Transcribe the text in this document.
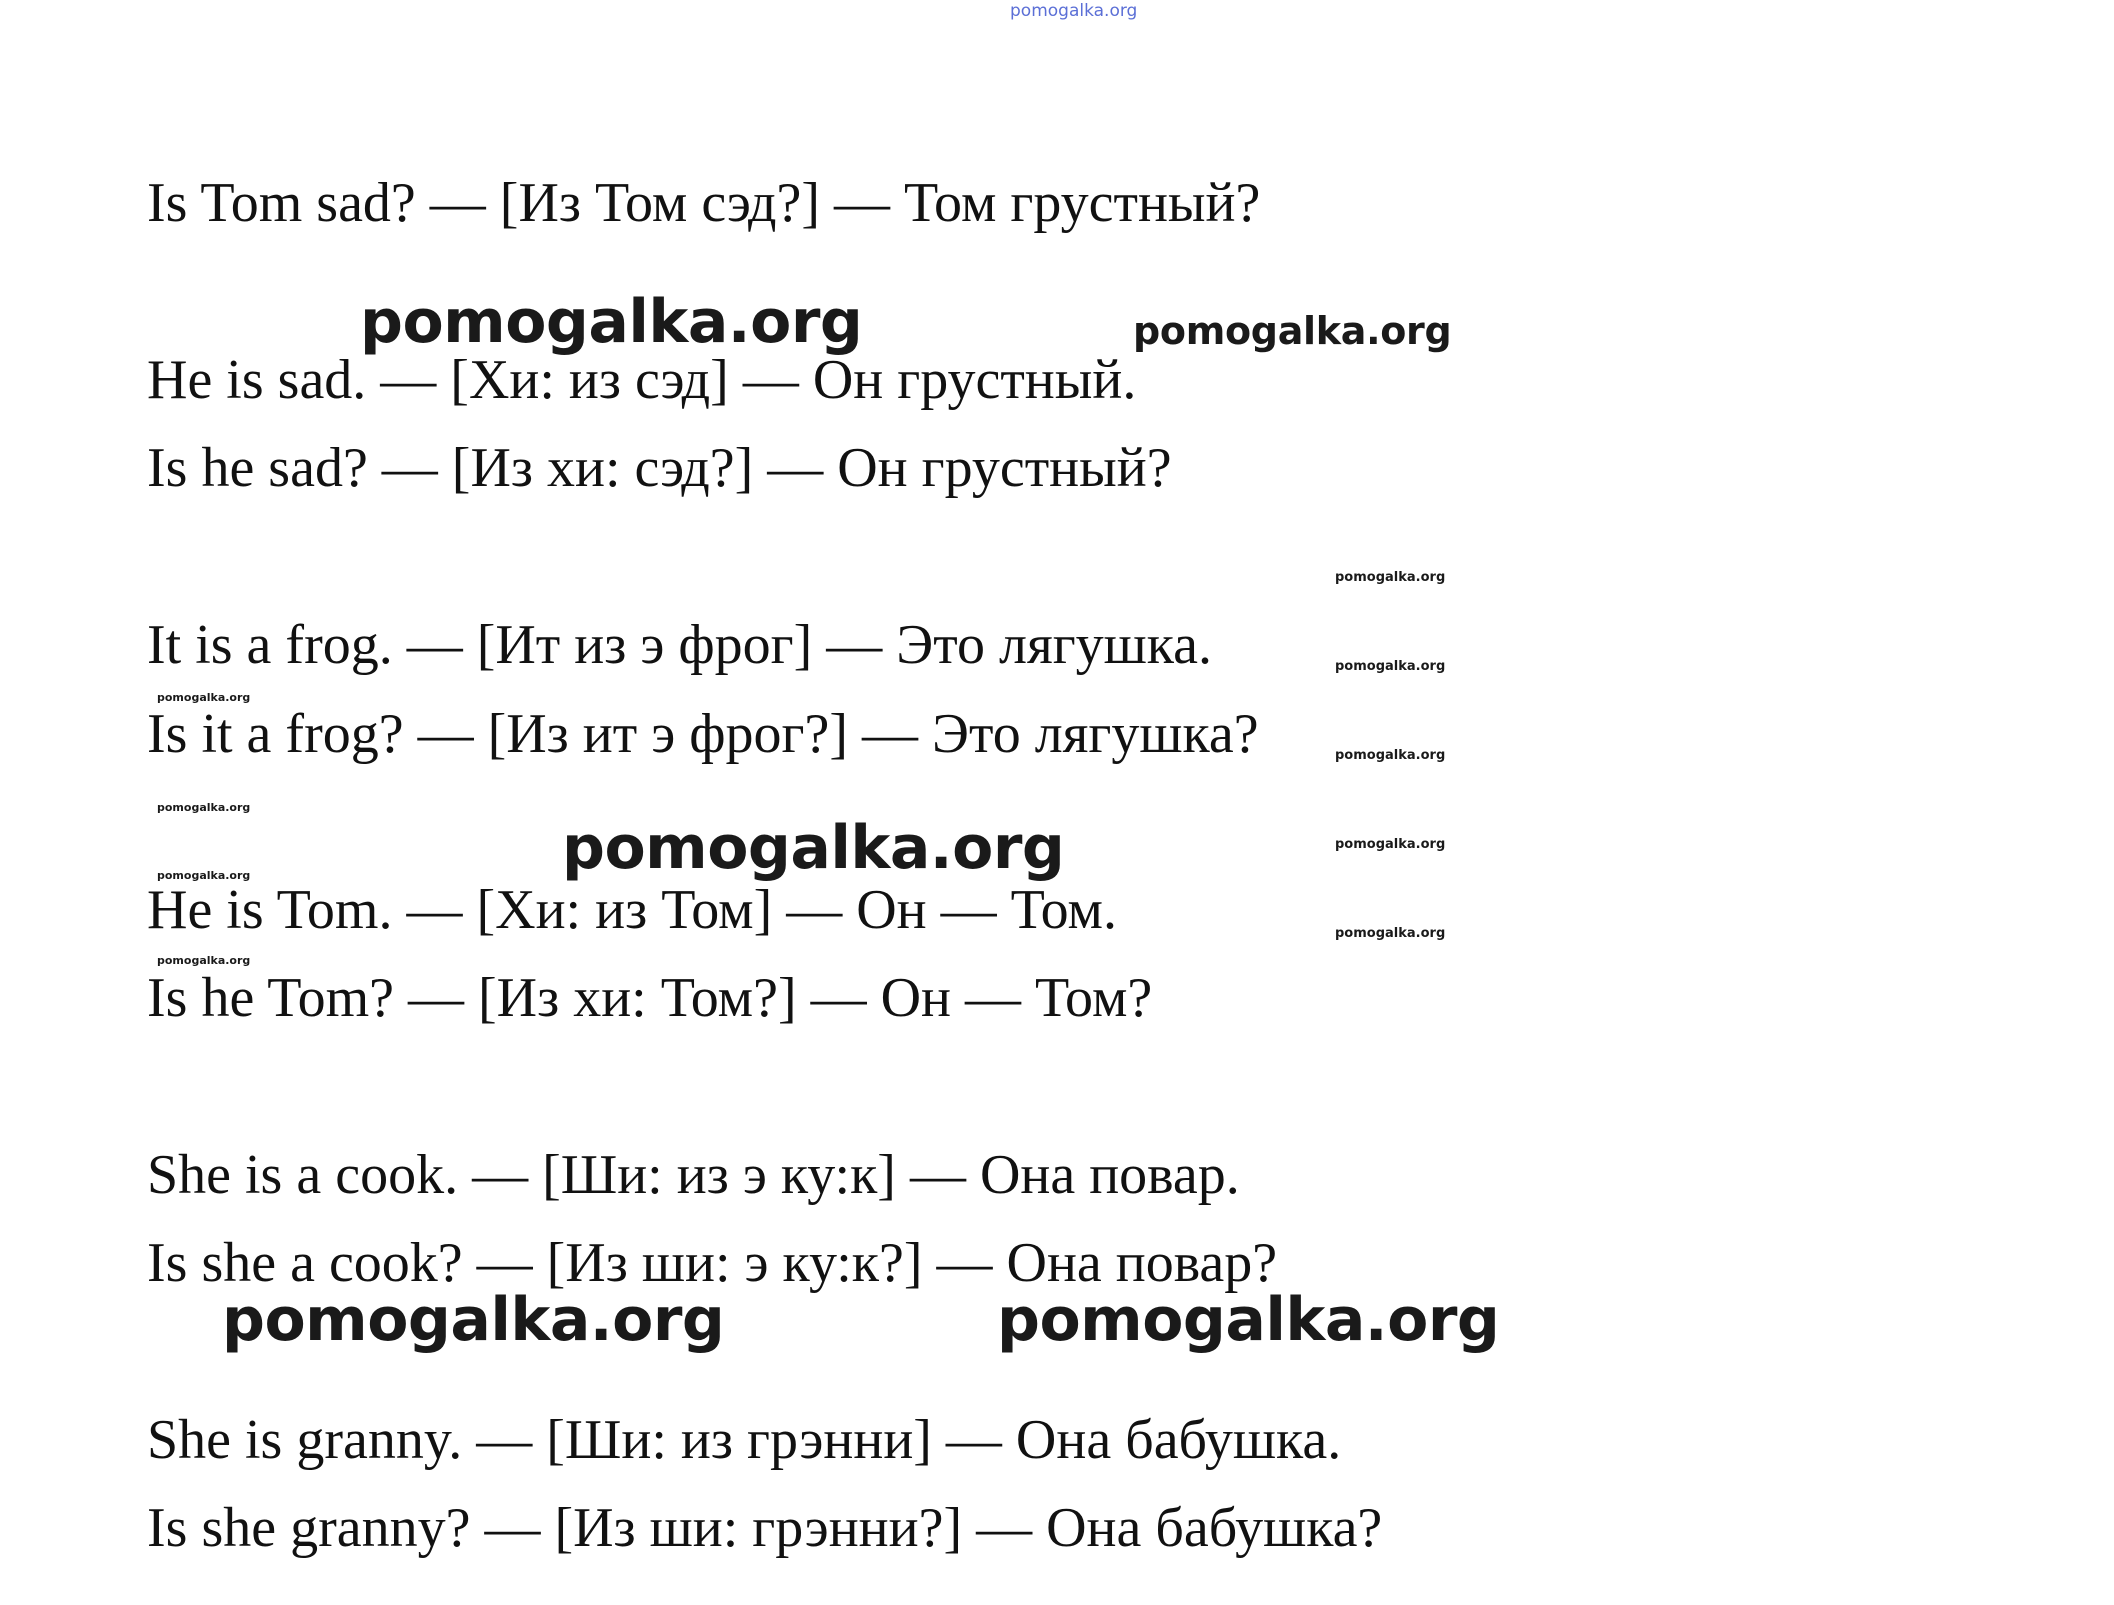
pomogalka.org

Is Tom sad? — [Из Том сэд?] — Том грустный?

He is sad. — [Хи: из сэд] — Он грустный.

Is he sad? — [Из хи: сэд?] — Он грустный?

It is a frog. — [Ит из э фрог] — Это лягушка.

Is it a frog? — [Из ит э фрог?] — Это лягушка?

He is Tom. — [Хи: из Том] — Он — Том.

Is he Tom? — [Из хи: Том?] — Он — Том?

She is a cook. — [Ши: из э ку:к] — Она повар.

Is she a cook? — [Из ши: э ку:к?] — Она повар?

She is granny. — [Ши: из грэнни] — Она бабушка.

Is she granny? — [Из ши: грэнни?] — Она бабушка?

pomogalka.org
pomogalka.org
pomogalka.org	pomogalka.org
pomogalka.org
pomogalka.org
pomogalka.org
pomogalka.org
pomogalka.org
pomogalka.org
pomogalka.org
pomogalka.org
pomogalka.org
pomogalka.org
